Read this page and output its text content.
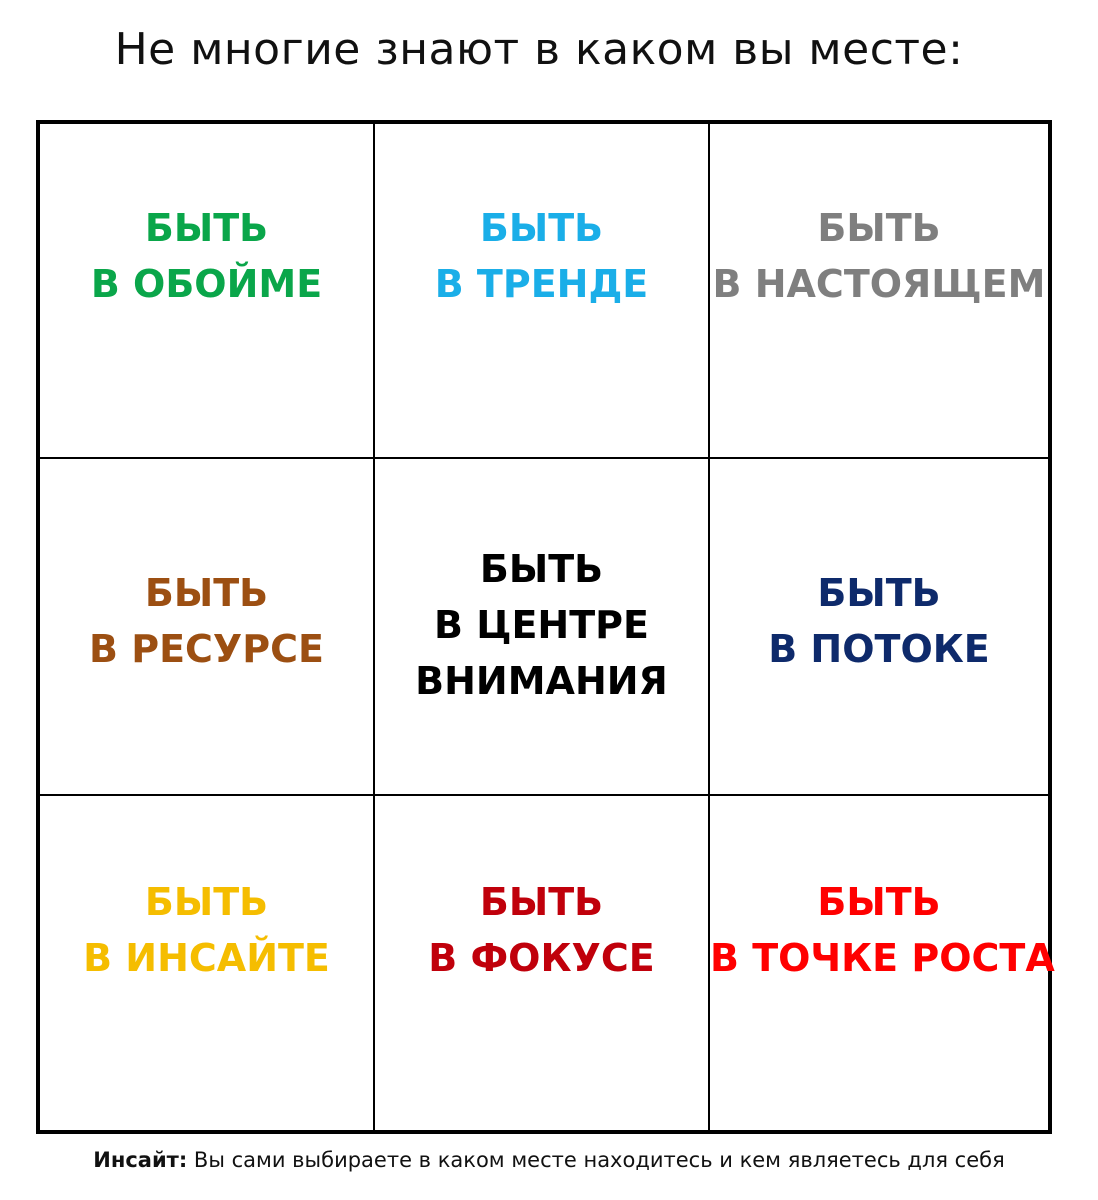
Не многие знают в каком вы месте:
БЫТЬ
В ОБОЙМЕ
БЫТЬ
В ТРЕНДЕ
БЫТЬ
В НАСТОЯЩЕМ
БЫТЬ
В РЕСУРСЕ
БЫТЬ
В ЦЕНТРЕ
ВНИМАНИЯ
БЫТЬ
В ПОТОКЕ
БЫТЬ
В ИНСАЙТЕ
БЫТЬ
В ФОКУСЕ
БЫТЬ
В ТОЧКЕ РОСТА
Инсайт: Вы сами выбираете в каком месте находитесь и кем являетесь для себя
